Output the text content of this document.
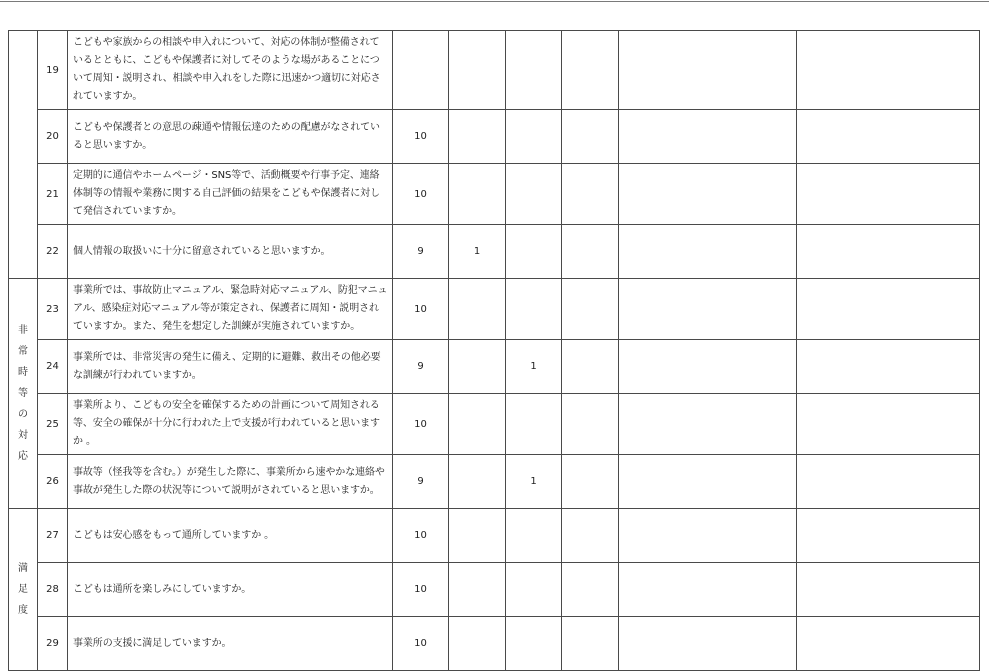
	19	こどもや家族からの相談や申入れについて、対応の体制が整備されているとともに、こどもや保護者に対してそのような場があることについて周知・説明され、相談や申入れをした際に迅速かつ適切に対応されていますか。						
	20	こどもや保護者との意思の疎通や情報伝達のための配慮がなされていると思いますか。	10					
	21	定期的に通信やホームページ・SNS等で、活動概要や行事予定、連絡体制等の情報や業務に関する自己評価の結果をこどもや保護者に対して発信されていますか。	10					
	22	個人情報の取扱いに十分に留意されていると思いますか。	9	1				
非常時等の対応	23	事業所では、事故防止マニュアル、緊急時対応マニュアル、防犯マニュアル、感染症対応マニュアル等が策定され、保護者に周知・説明されていますか。また、発生を想定した訓練が実施されていますか。	10					
	24	事業所では、非常災害の発生に備え、定期的に避難、救出その他必要な訓練が行われていますか。	9		1			
	25	事業所より、こどもの安全を確保するための計画について周知される等、安全の確保が十分に行われた上で支援が行われていると思いますか 。	10					
	26	事故等（怪我等を含む。）が発生した際に、事業所から速やかな連絡や事故が発生した際の状況等について説明がされていると思いますか。	9		1			
満足度	27	こどもは安心感をもって通所していますか 。	10					
	28	こどもは通所を楽しみにしていますか。	10					
	29	事業所の支援に満足していますか。	10					
